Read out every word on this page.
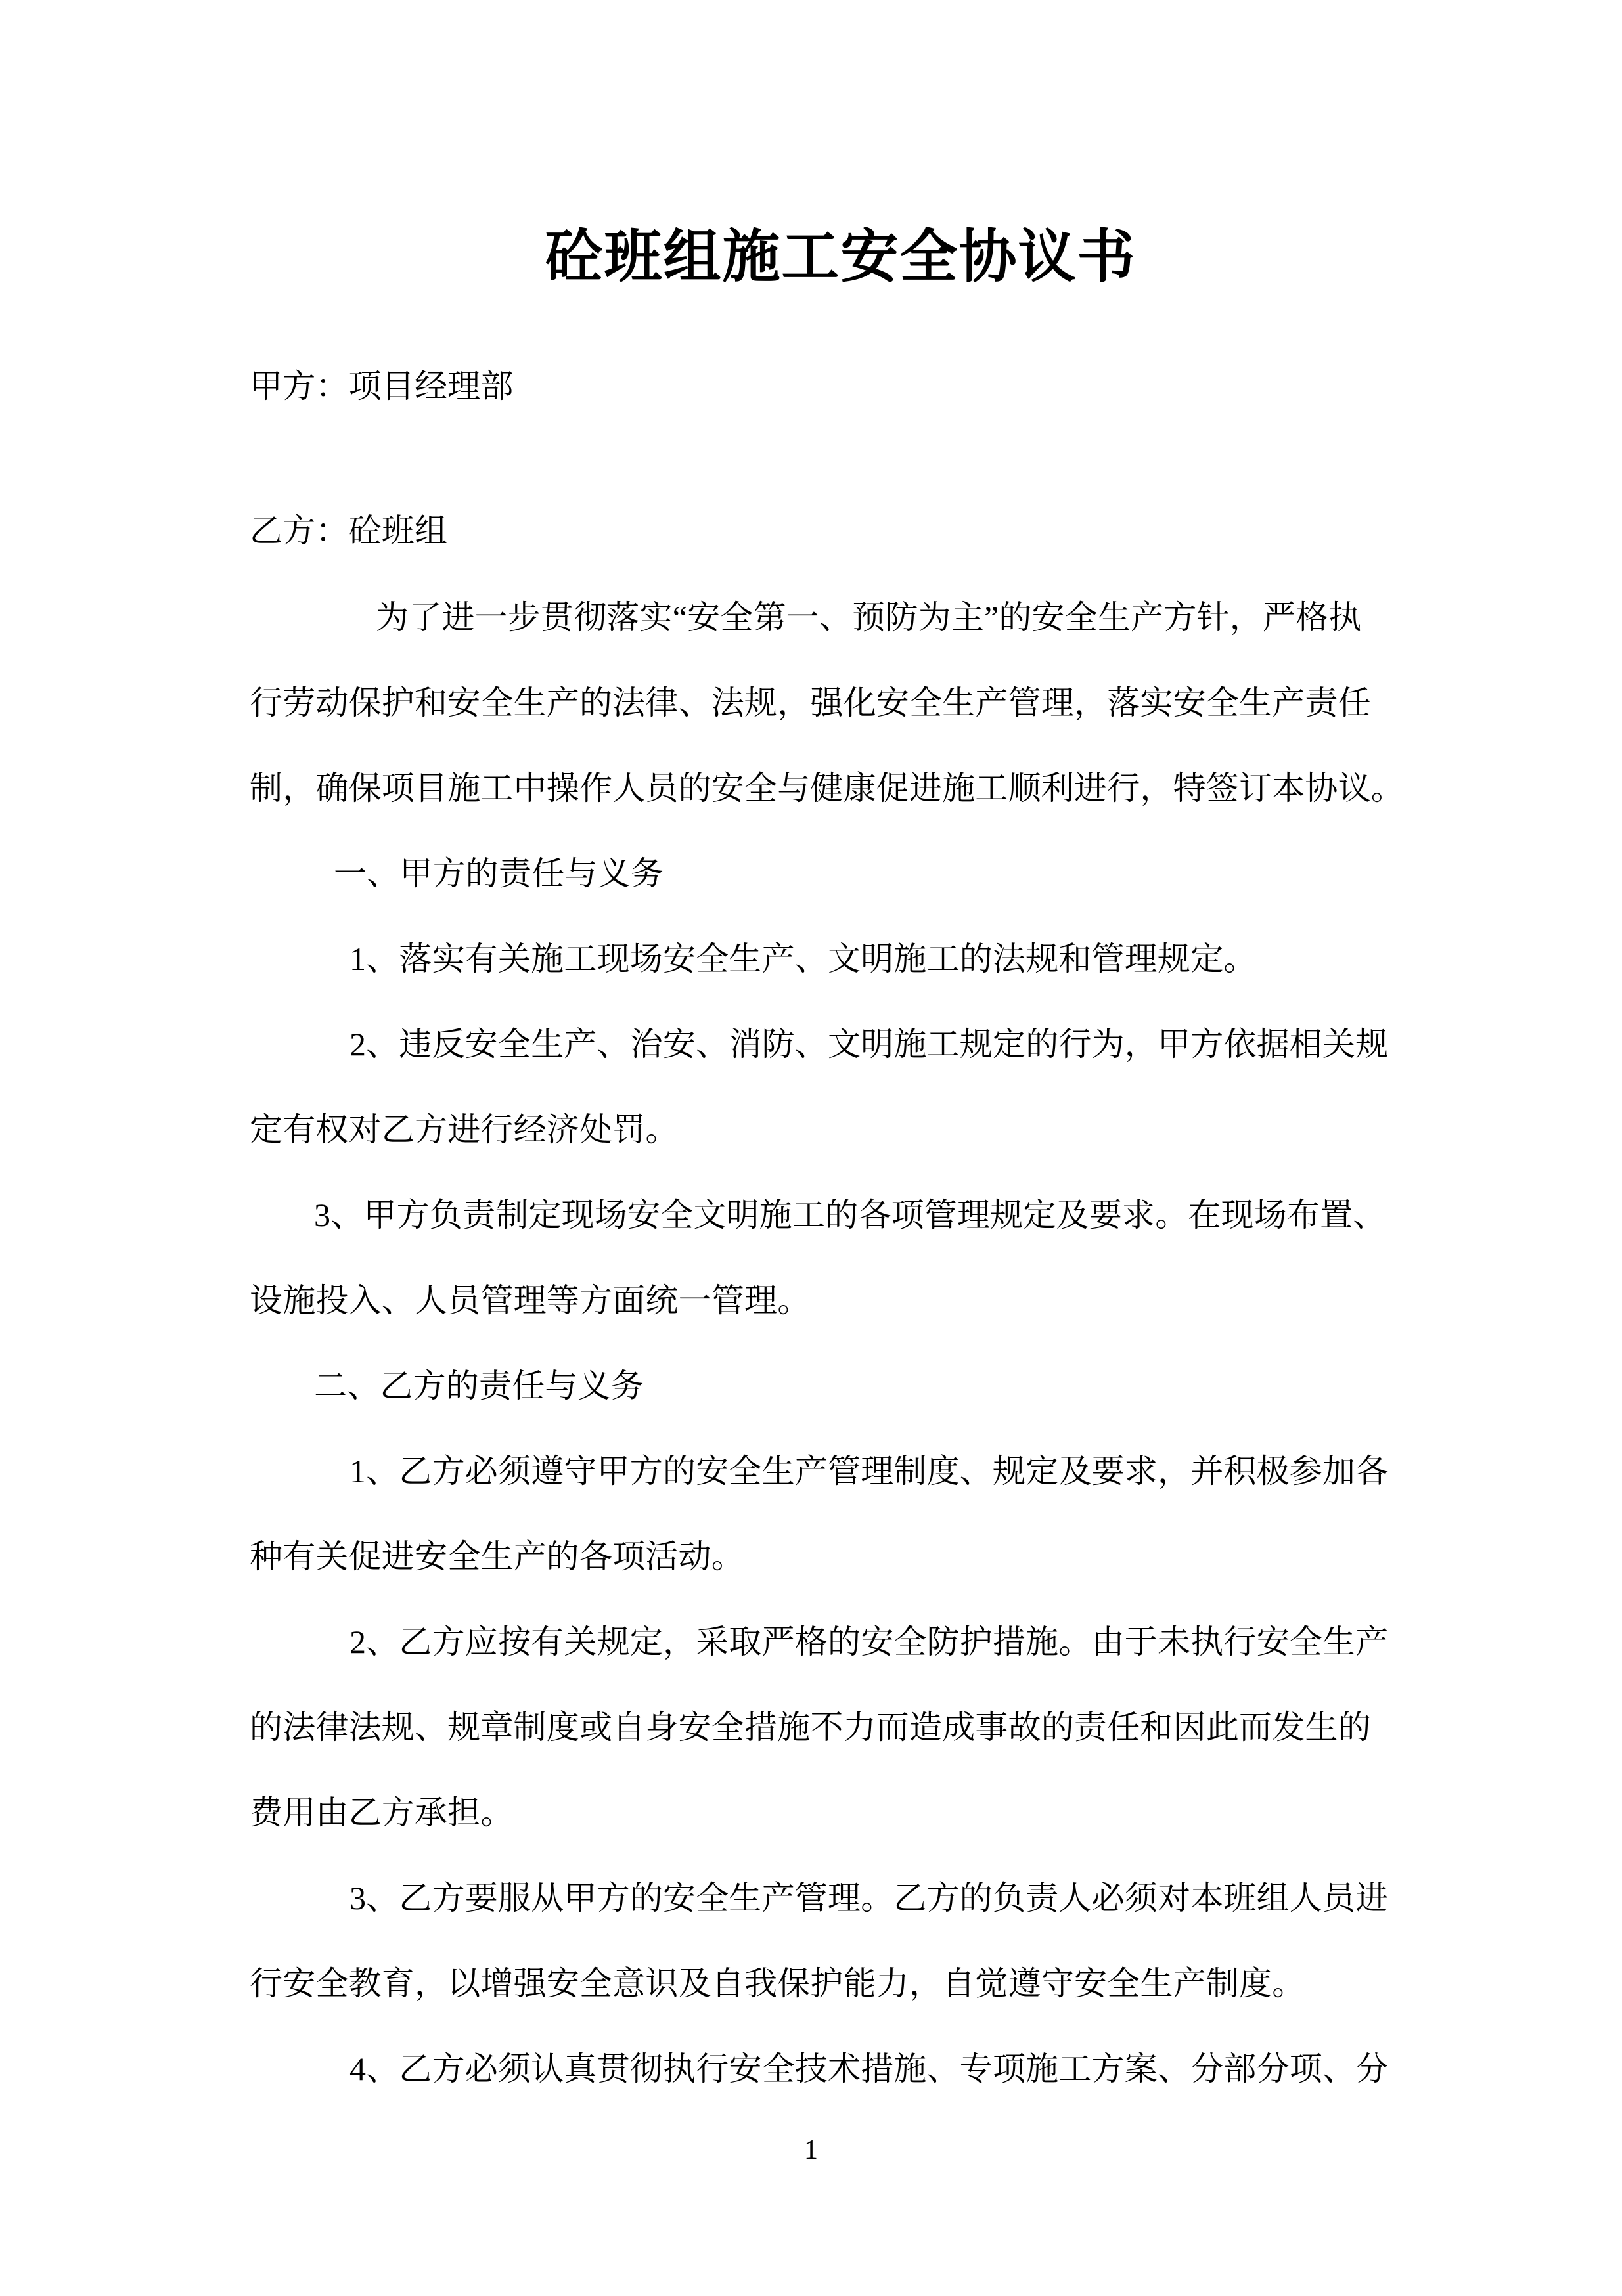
砼班组施工安全协议书
甲方：项目经理部
乙方：砼班组
为了进一步贯彻落实“安全第一、预防为主”的安全生产方针，严格执
行劳动保护和安全生产的法律、法规，强化安全生产管理，落实安全生产责任
制，确保项目施工中操作人员的安全与健康促进施工顺利进行，特签订本协议。
一、甲方的责任与义务
1、落实有关施工现场安全生产、文明施工的法规和管理规定。
2、违反安全生产、治安、消防、文明施工规定的行为，甲方依据相关规
定有权对乙方进行经济处罚。
3、甲方负责制定现场安全文明施工的各项管理规定及要求。在现场布置、
设施投入、人员管理等方面统一管理。
二、乙方的责任与义务
1、乙方必须遵守甲方的安全生产管理制度、规定及要求，并积极参加各
种有关促进安全生产的各项活动。
2、乙方应按有关规定，采取严格的安全防护措施。由于未执行安全生产
的法律法规、规章制度或自身安全措施不力而造成事故的责任和因此而发生的
费用由乙方承担。
3、乙方要服从甲方的安全生产管理。乙方的负责人必须对本班组人员进
行安全教育，以增强安全意识及自我保护能力，自觉遵守安全生产制度。
4、乙方必须认真贯彻执行安全技术措施、专项施工方案、分部分项、分
1
